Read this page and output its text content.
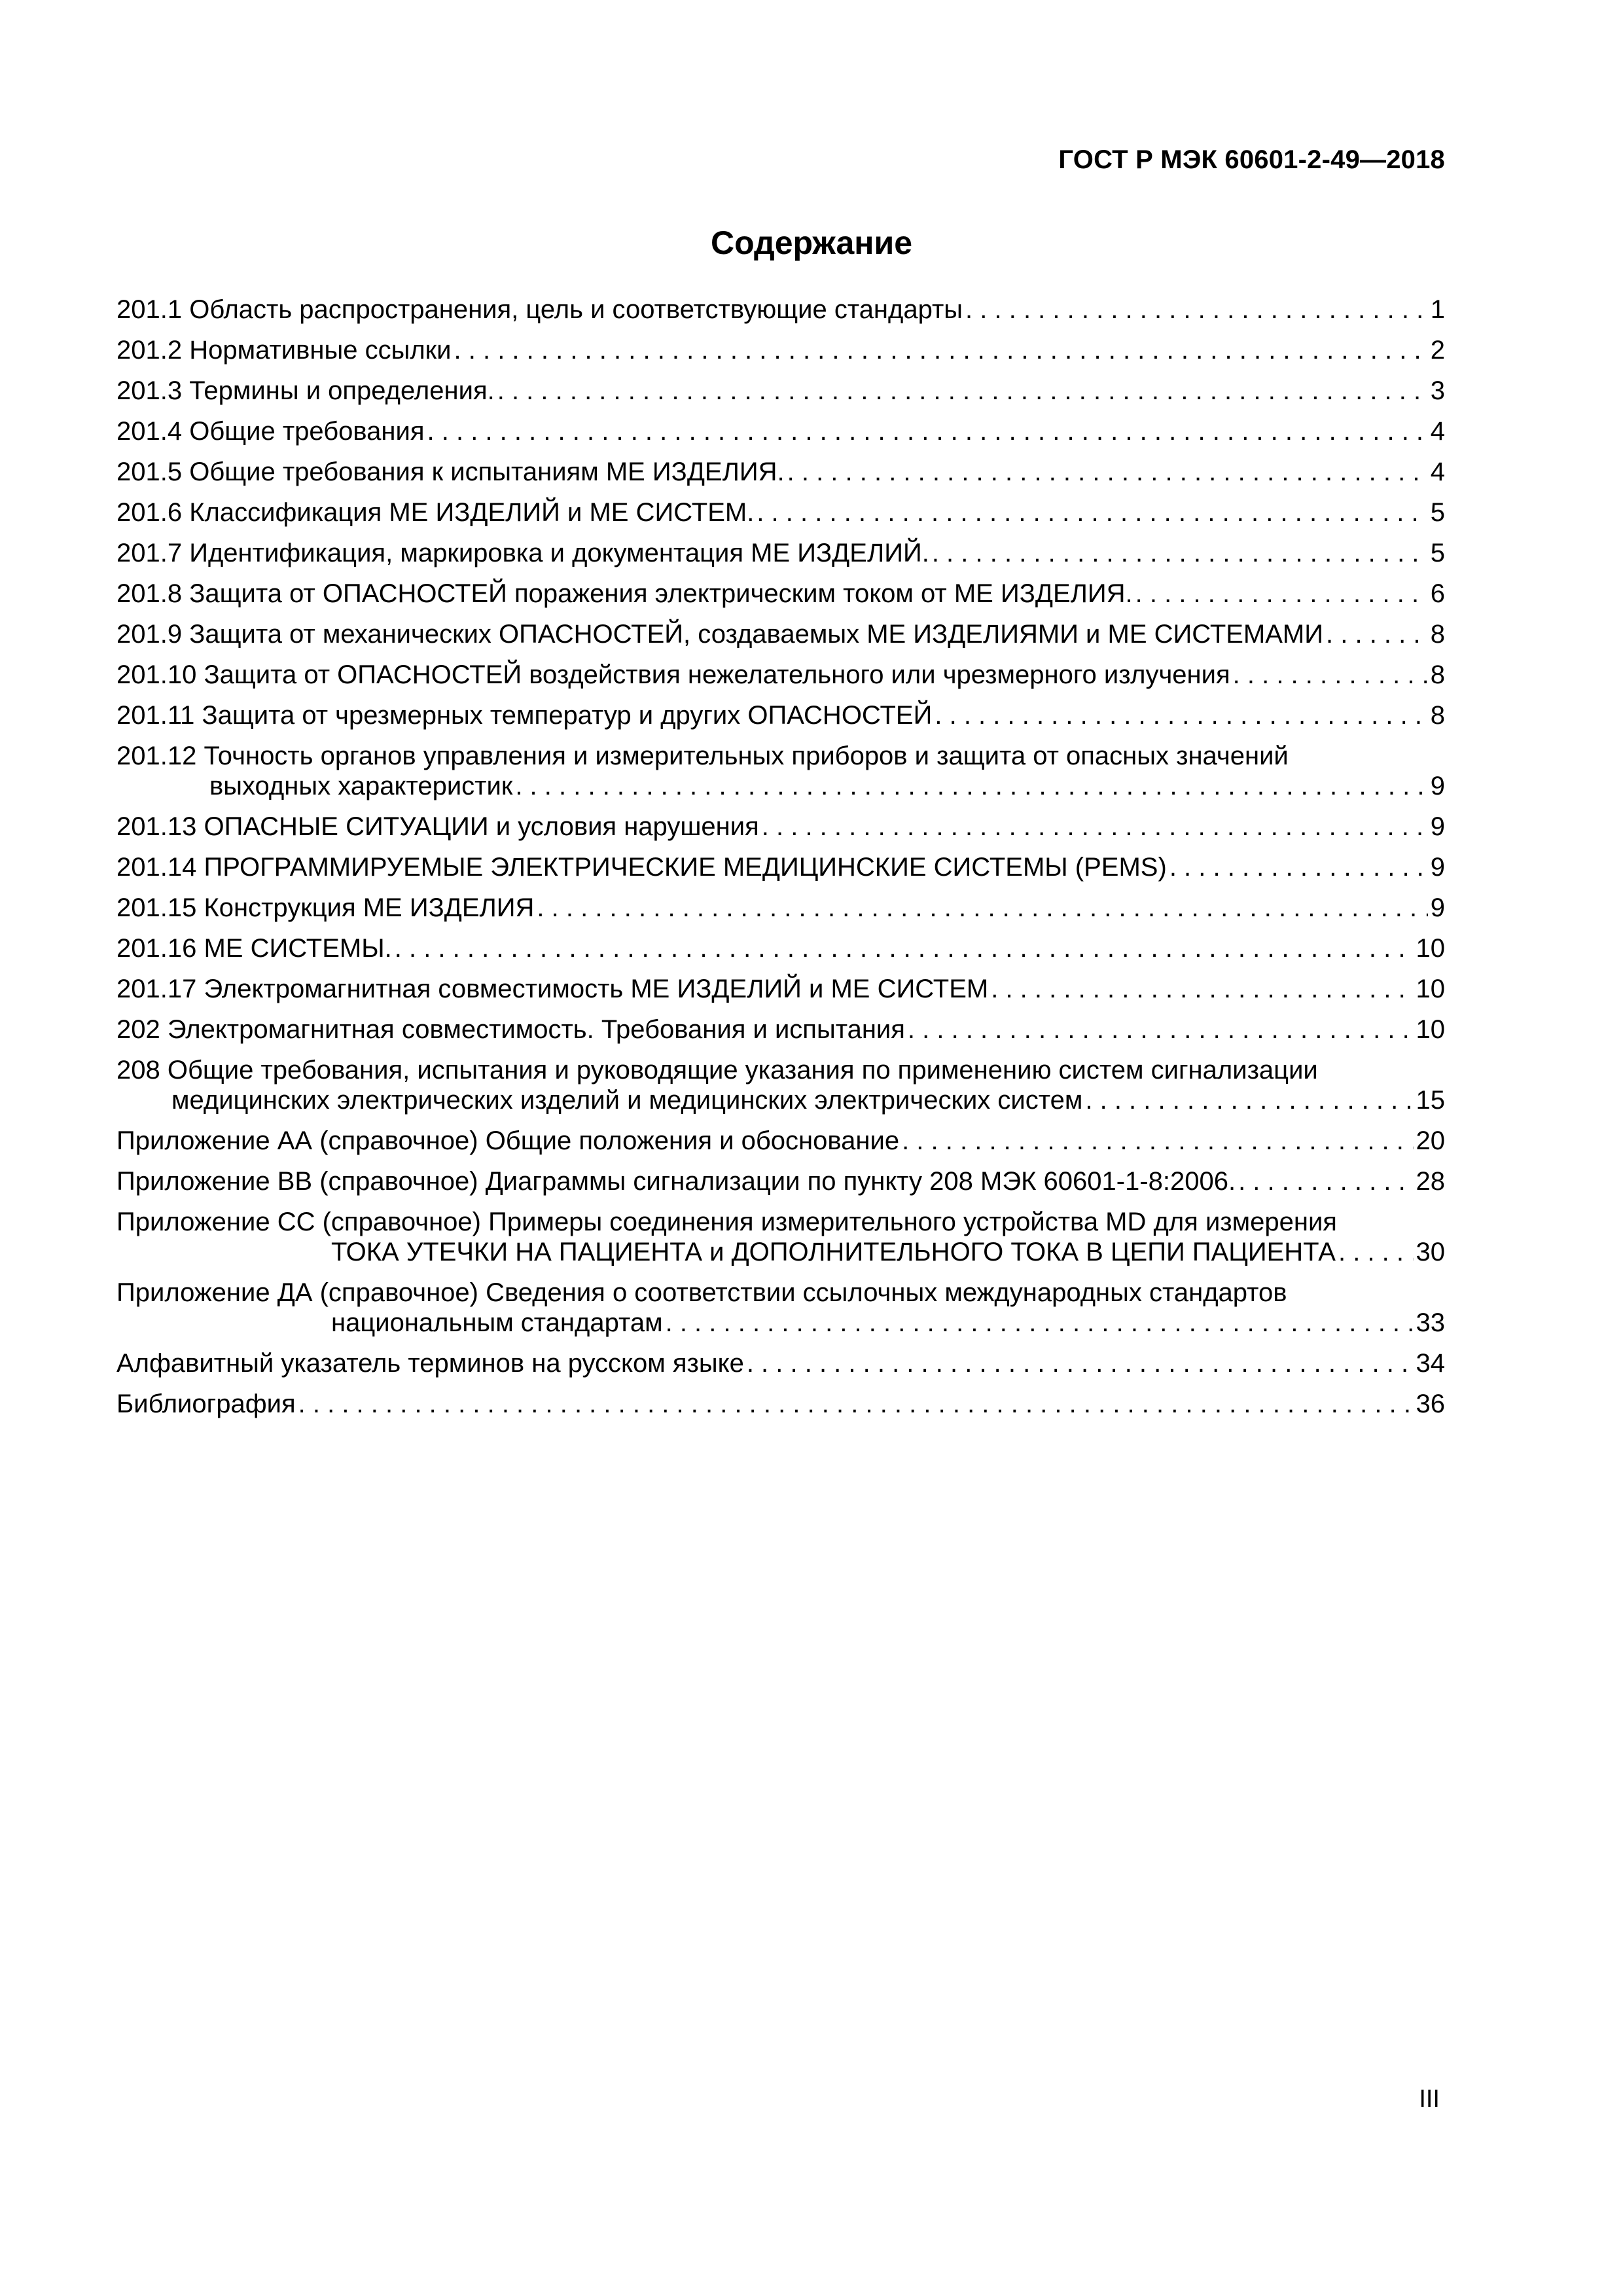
ГОСТ Р МЭК 60601-2-49—2018
Содержание
201.1 Область распространения, цель и соответствующие стандарты . . .	1
201.2 Нормативные ссылки . . .	2
201.3 Термины и определения. . . .	3
201.4 Общие требования . . .	4
201.5 Общие требования к испытаниям МЕ ИЗДЕЛИЯ. . . .	4
201.6 Классификация МЕ ИЗДЕЛИЙ и МЕ СИСТЕМ. . . .	5
201.7 Идентификация, маркировка и документация МЕ ИЗДЕЛИЙ. . . .	5
201.8 Защита от ОПАСНОСТЕЙ поражения электрическим током от МЕ ИЗДЕЛИЯ. . . .	6
201.9 Защита от механических ОПАСНОСТЕЙ, создаваемых МЕ ИЗДЕЛИЯМИ и МЕ СИСТЕМАМИ . . .	8
201.10 Защита от ОПАСНОСТЕЙ воздействия нежелательного или чрезмерного излучения . . .	8
201.11 Защита от чрезмерных температур и других ОПАСНОСТЕЙ . . .	8
201.12 Точность органов управления и измерительных приборов и защита от опасных значений
выходных характеристик . . .	9
201.13 ОПАСНЫЕ СИТУАЦИИ и условия нарушения . . .	9
201.14 ПРОГРАММИРУЕМЫЕ ЭЛЕКТРИЧЕСКИЕ МЕДИЦИНСКИЕ СИСТЕМЫ (PEMS) . . .	9
201.15 Конструкция МЕ ИЗДЕЛИЯ . . .	9
201.16 МЕ СИСТЕМЫ. . . .	10
201.17 Электромагнитная совместимость МЕ ИЗДЕЛИЙ и МЕ СИСТЕМ . . .	10
202 Электромагнитная совместимость. Требования и испытания . . .	10
208 Общие требования, испытания и руководящие указания по применению систем сигнализации
медицинских электрических изделий и медицинских электрических систем . . .	15
Приложение АА (справочное) Общие положения и обоснование . . .	20
Приложение ВВ (справочное) Диаграммы сигнализации по пункту 208 МЭК 60601-1-8:2006. . . .	28
Приложение СС (справочное) Примеры соединения измерительного устройства MD для измерения
ТОКА УТЕЧКИ НА ПАЦИЕНТА и ДОПОЛНИТЕЛЬНОГО ТОКА В ЦЕПИ ПАЦИЕНТА . . .	30
Приложение ДА (справочное) Сведения о соответствии ссылочных международных стандартов
национальным стандартам . . .	33
Алфавитный указатель терминов на русском языке . . .	34
Библиография . . .	36
III
